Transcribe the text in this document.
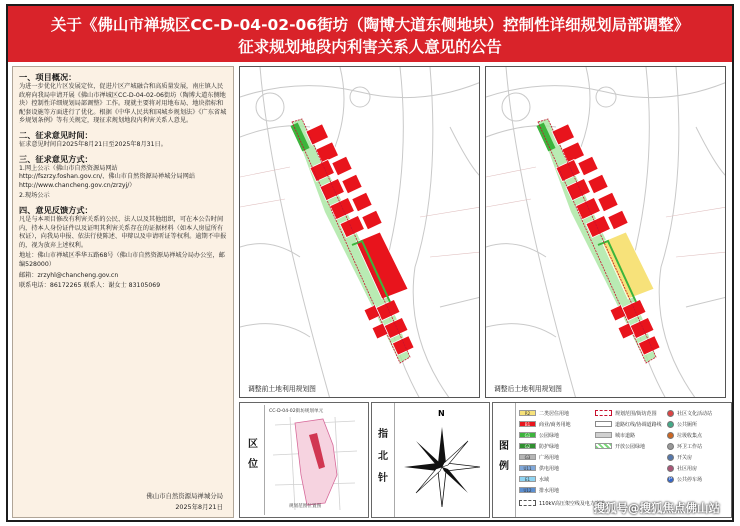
关于《佛山市禅城区CC-D-04-02-06街坊（陶博大道东侧地块）控制性详细规划局部调整》
征求规划地段内利害关系人意见的公告
一、项目概况：
为进一步优化片区发展定位，促进片区产城融合和高质量发展，南庄镇人民政府向我局申请开展《佛山市禅城区CC-D-04-02-06街坊（陶博大道东侧地块）控制性详细规划局部调整》工作。现就主要将对用地布局、地块指标和配套设施等方面进行了优化。根据《中华人民共和国城乡规划法》《广东省城乡规划条例》等有关规定，现征求规划地段内利害关系人意见。
二、征求意见时间：
征求意见时间自2025年8月21日至2025年8月31日。
三、征求意见方式：
1.网上公示（佛山市自然资源局网站
http://fszrzy.foshan.gov.cn/、佛山市自然资源局禅城分局网站
http://www.chancheng.gov.cn/zrzyj/）
2.现场公示
四、意见反馈方式：
凡是与本项目修改有利害关系的公民、法人以及其他组织，可在本公告时间内，持本人身份证件以及证明其利害关系存在的证据材料（如本人房屋所有权证），向我局申报、依法行使陈述、申辩以及申请听证等权利。逾期不申报的，视为放弃上述权利。
地址：佛山市禅城区季华五路68号（佛山市自然资源局禅城分局办公室，邮编528000）
邮箱：zrzyhl@chancheng.gov.cn
联系电话：86172265 联系人：谢女士 83105069
佛山市自然资源局禅城分局
2025年8月21日
调整前土地利用规划图	调整后土地利用规划图
区
位
CC-D-04-02街坊规划单元
规划范围位置图
指
北
针
N
图
例
R2	二类居住用地
B1	商业/商务用地
G1	公园绿地
G2	防护绿地
G3	广场用地
U11	供电用地
E1	水域
U12	排水用地
110kV高压架空线及电力廊道
规划范围/街坊范围
道路红线/协调道路线
城市道路
开放公园绿地
社区文化活动站
公共厕所
垃圾收集点
环卫工作站
开关房
社区用房
P	公共停车场
搜狐号@搜狐焦点佛山站
